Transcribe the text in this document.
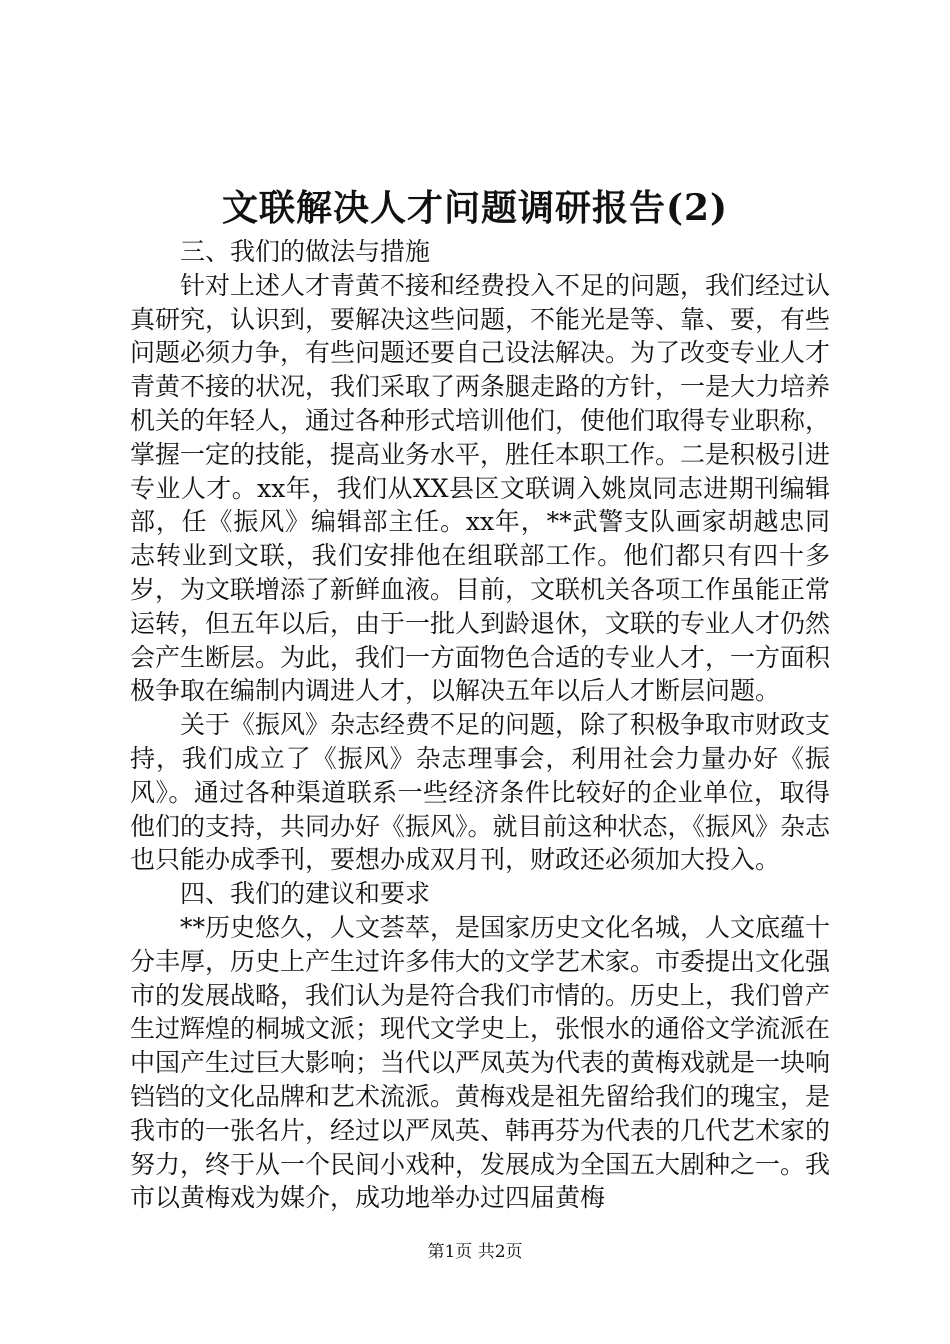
文联解决人才问题调研报告(2)

三、我们的做法与措施

针对上述人才青黄不接和经费投入不足的问题，我们经过认真研究，认识到，要解决这些问题，不能光是等、靠、要，有些问题必须力争，有些问题还要自己设法解决。为了改变专业人才青黄不接的状况，我们采取了两条腿走路的方针，一是大力培养机关的年轻人，通过各种形式培训他们，使他们取得专业职称，掌握一定的技能，提高业务水平，胜任本职工作。二是积极引进专业人才。xx年，我们从XX县区文联调入姚岚同志进期刊编辑部，任《振风》编辑部主任。xx年，**武警支队画家胡越忠同志转业到文联，我们安排他在组联部工作。他们都只有四十多岁，为文联增添了新鲜血液。目前，文联机关各项工作虽能正常运转，但五年以后，由于一批人到龄退休，文联的专业人才仍然会产生断层。为此，我们一方面物色合适的专业人才，一方面积极争取在编制内调进人才，以解决五年以后人才断层问题。

关于《振风》杂志经费不足的问题，除了积极争取市财政支持，我们成立了《振风》杂志理事会，利用社会力量办好《振风》。通过各种渠道联系一些经济条件比较好的企业单位，取得他们的支持，共同办好《振风》。就目前这种状态，《振风》杂志也只能办成季刊，要想办成双月刊，财政还必须加大投入。

四、我们的建议和要求

**历史悠久，人文荟萃，是国家历史文化名城，人文底蕴十分丰厚，历史上产生过许多伟大的文学艺术家。市委提出文化强市的发展战略，我们认为是符合我们市情的。历史上，我们曾产生过辉煌的桐城文派；现代文学史上，张恨水的通俗文学流派在中国产生过巨大影响；当代以严凤英为代表的黄梅戏就是一块响铛铛的文化品牌和艺术流派。黄梅戏是祖先留给我们的瑰宝，是我市的一张名片，经过以严凤英、韩再芬为代表的几代艺术家的努力，终于从一个民间小戏种，发展成为全国五大剧种之一。我市以黄梅戏为媒介，成功地举办过四届黄梅

第1页 共2页
